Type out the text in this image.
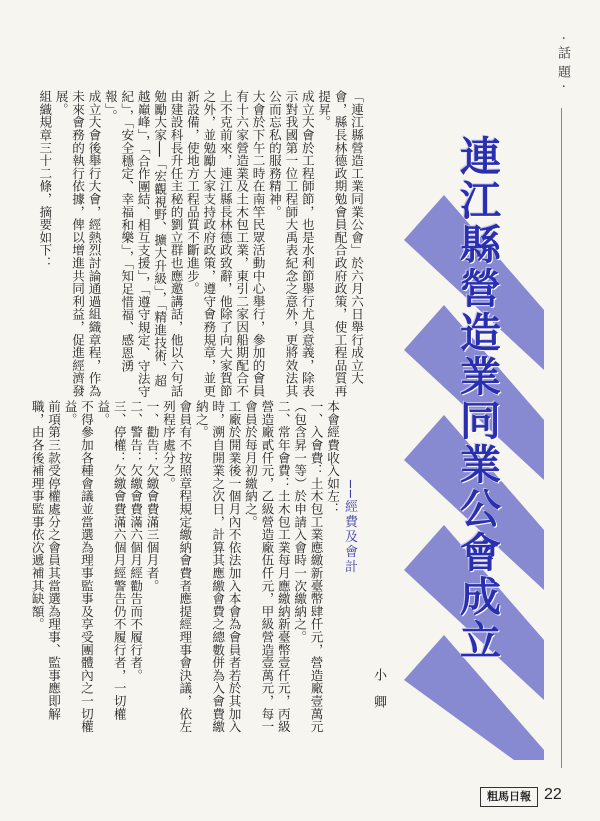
‧話題‧
連江縣營造業同業公會成立
──經費及會計
小卿
「連江縣營造工業同業公會」於六月六日舉行成立大會，縣長林德政期勉會員配合政府政策，使工程品質再提昇。
成立大會於工程師節，也是水利節舉行尤具意義，除表示對我國第一位工程師大禹表紀念之意外，更將效法其公而忘私的服務精神。
大會於下午二時在南竿民眾活動中心舉行，參加的會員有十六家營造業及土木包工業，東引二家因船期配合不上不克前來，連江縣長林德政致辭，他除了向大家賀節之外，並勉勵大家支持政府政策，遵守會務規章，並更新設備，使地方工程品質不斷進步。
由建設科長升任主秘的劉立群也應邀講話，他以六句話勉勵大家──「宏觀視野、擴大升級」，「精進技術、超越巔峰」，「合作團結、相互支援」，「遵守規定、守法守紀」，「安全穩定、幸福和樂」，「知足惜福、感恩湧報」。
成立大會後舉行大會，經熱烈討論通過組織章程，作為未來會務的執行依據，俾以增進共同利益，促進經濟發展。
組織規章三十二條，摘要如下：
本會經費收入如左：
一、入會費：土木包工業應繳新臺幣肆仟元，營造廠壹萬元（包含昇一等）於申請入會時一次繳納之。
二、常年會費：土木包工業每月應繳納新臺幣壹仟元，丙級營造廠貳仟元，乙級營造廠伍仟元，甲級營造壹萬元，每一會員於每月初繳納之。
工廠於開業後一個月內不依法加入本會為會員者若於其加入時，溯自開業之次日，計算其應繳會費之總數併為入會費繳納之。
會員有不按照章程規定繳納會費者應提經理事會決議，依左列程序處分之。
一、勸告：欠繳會費滿三個月者。
二、警告：欠繳會費滿六個月經勸告而不履行者。
三、停權：欠繳會費滿六個月經警告仍不履行者，一切權益。
不得參加各種會議並當選為理事監事及享受團體內之一切權益。
前項第三款受停權處分之會員其當選為理事、監事應即解職，由各後補理事監事依次遞補其缺額。
粗馬日報 22
